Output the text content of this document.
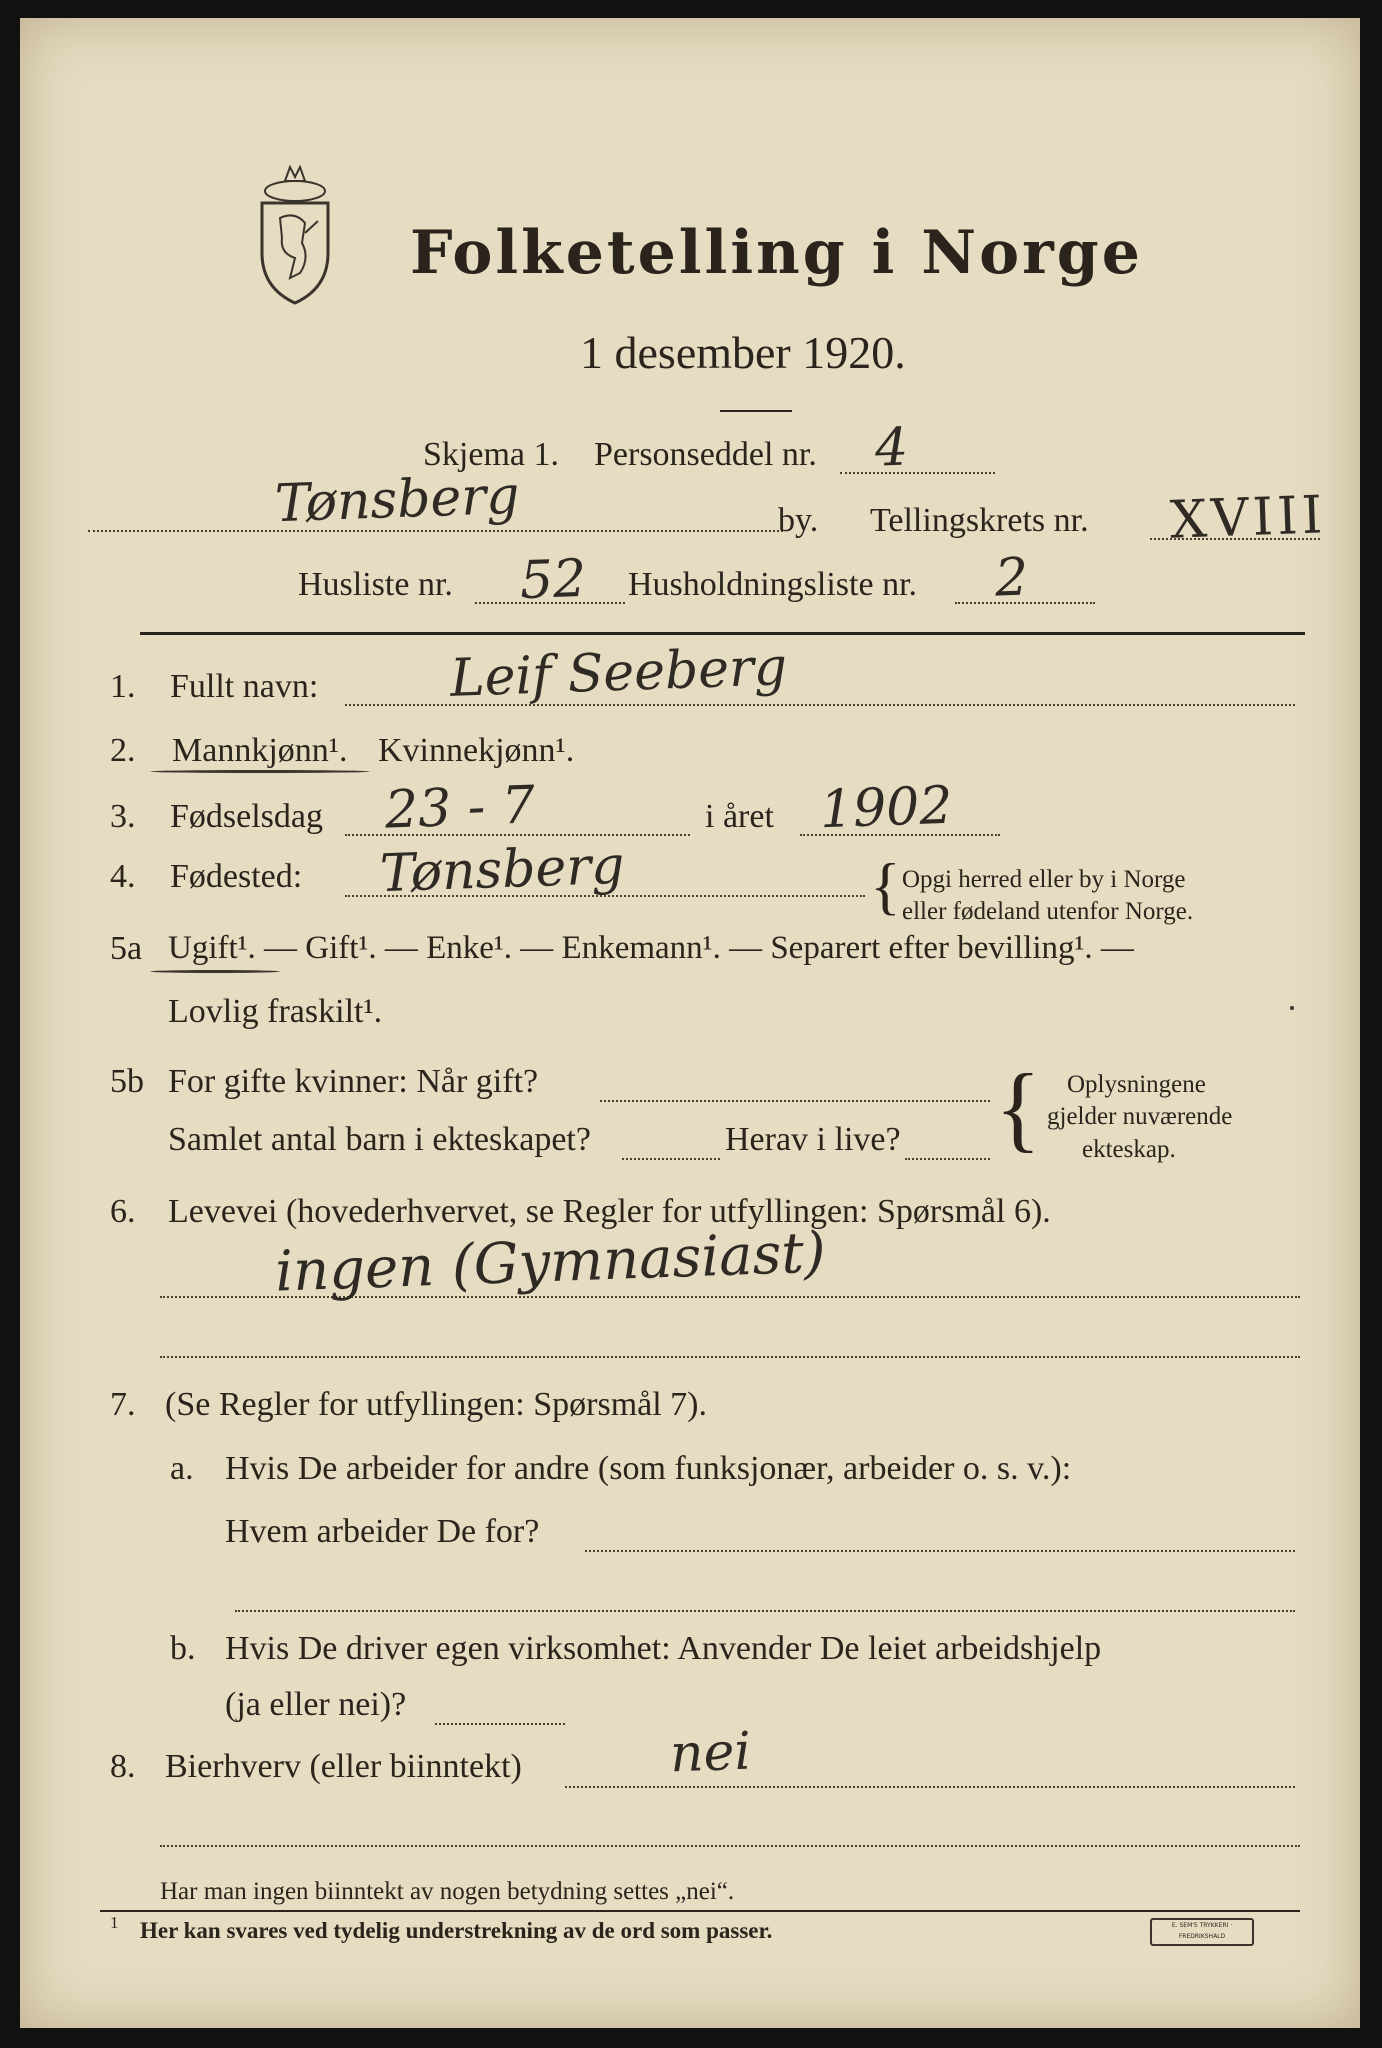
Folketelling i Norge
1 desember 1920.
Skjema 1. Personseddel nr. 4
Tønsberg	by. Tellingskrets nr. XVIII
Husliste nr. 52 Husholdningsliste nr. 2
1. Fullt navn:	Leif Seeberg
2. Mannkjønn¹. Kvinnekjønn¹.
3. Fødselsdag 23 - 7	i året 1902
4. Fødested: Tønsberg	{ Opgi herred eller by i Norge
eller fødeland utenfor Norge.
5a Ugift¹. — Gift¹. — Enke¹. — Enkemann¹. — Separert efter bevilling¹. —
Lovlig fraskilt¹.
5b For gifte kvinner: Når gift?
Samlet antal barn i ekteskapet?	Herav i live? { Oplysningene
gjelder nuværende
ekteskap.
6. Levevei (hovederhvervet, se Regler for utfyllingen: Spørsmål 6).
ingen (Gymnasiast)
7. (Se Regler for utfyllingen: Spørsmål 7).
a. Hvis De arbeider for andre (som funksjonær, arbeider o. s. v.):
Hvem arbeider De for?
b. Hvis De driver egen virksomhet: Anvender De leiet arbeidshjelp
(ja eller nei)?
8. Bierhverv (eller biinntekt)	nei
Har man ingen biinntekt av nogen betydning settes „nei“.
1 Her kan svares ved tydelig understrekning av de ord som passer.	E. SEM'S TRYKKERI · FREDRIKSHALD
